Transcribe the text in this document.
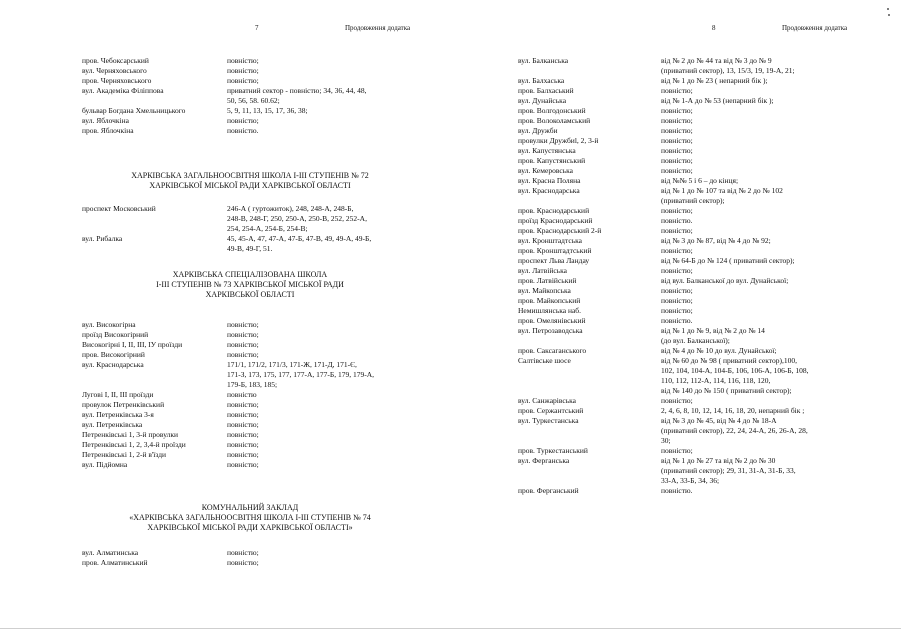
7	Продовження додатка
пров. Чебоксарський	повністю;
вул. Черняховського	повністю;
пров. Черняховського	повністю;
вул. Академіка Філіппова	приватний сектор - повністю; 34, 36, 44, 48,
50, 56, 58. 60.62;
бульвар Богдана Хмельницького	5, 9, 11, 13, 15, 17, 36, 38;
вул. Яблочкіна	повністю;
пров. Яблочкіна	повністю.
ХАРКІВСЬКА ЗАГАЛЬНООСВІТНЯ ШКОЛА І-ІІІ СТУПЕНІВ № 72
ХАРКІВСЬКОЇ МІСЬКОЇ РАДИ ХАРКІВСЬКОЇ ОБЛАСТІ
проспект Московський	246-А ( гуртожиток), 248, 248-А, 248-Б,
248-В, 248-Г, 250, 250-А, 250-В, 252, 252-А,
254, 254-А, 254-Б, 254-В;
вул. Рибалка	45, 45-А, 47, 47-А, 47-Б, 47-В, 49, 49-А, 49-Б,
49-В, 49-Г, 51.
ХАРКІВСЬКА СПЕЦІАЛІЗОВАНА ШКОЛА
І-ІІІ СТУПЕНІВ № 73 ХАРКІВСЬКОЇ МІСЬКОЇ РАДИ
ХАРКІВСЬКОЇ ОБЛАСТІ
вул. Високогірна	повністю;
проїзд Високогірний	повністю;
Високогірні І, ІІ, ІІІ, ІУ проїзди	повністю;
пров. Високогірний	повністю;
вул. Краснодарська	171/1, 171/2, 171/3, 171-Ж, 171-Д, 171-Є,
171-З, 173, 175, 177, 177-А, 177-Б, 179, 179-А,
179-Б, 183, 185;
Лугові І, ІІ, ІІІ проїзди	повністю
провулок Петренківський	повністю;
вул. Петренківська 3-я	повністю;
вул. Петренківська	повністю;
Петренківські 1, 3-й провулки	повністю;
Петренківські 1, 2, 3,4-й проїзди	повністю;
Петренківські 1, 2-й в'їзди	повністю;
вул. Підйомна	повністю;
КОМУНАЛЬНИЙ ЗАКЛАД
«ХАРКІВСЬКА ЗАГАЛЬНООСВІТНЯ ШКОЛА І-ІІІ СТУПЕНІВ № 74
ХАРКІВСЬКОЇ МІСЬКОЇ РАДИ ХАРКІВСЬКОЇ ОБЛАСТІ»
вул. Алматинська	повністю;
пров. Алматинський	повністю;
8	Продовження додатка
вул. Балканська	від № 2 до № 44 та від № 3 до № 9
(приватний сектор), 13, 15/3, 19, 19-А, 21;
вул. Балхаська	від № 1 до № 23 ( непарний бік );
пров. Балхаський	повністю;
вул. Дунайська	від № 1-А до № 53 (непарний бік );
пров. Волгодонський	повністю;
пров. Волоколамський	повністю;
вул. Дружби	повністю;
провулки Дружбиl, 2, 3-й	повністю;
вул. Капустянська	повністю;
пров. Капустянський	повністю;
вул. Кемеровська	повністю;
вул. Красна Поляна	від №№ 5 і 6 – до кінця;
вул. Краснодарська	від № 1 до № 107 та від № 2 до № 102
(приватний сектор);
пров. Краснодарський	повністю;
проїзд Краснодарський	повністю.
пров. Краснодарський 2-й	повністю;
вул. Кронштадтська	від № 3 до № 87, від № 4 до № 92;
пров. Кронштадтський	повністю;
проспект Льва Ландау	від № 64-Б до № 124 ( приватний сектор);
вул. Латвійська	повністю;
пров. Латвійський	від вул. Балканської до вул. Дунайської;
вул. Майкопська	повністю;
пров. Майкопський	повністю;
Немишлянська наб.	повністю;
пров. Омелянівський	повністю.
вул. Петрозаводська	від № 1 до № 9, від № 2 до № 14
(до вул. Балканської);
пров. Саксаганського	від № 4 до № 10 до вул. Дунайської;
Салтівське шосе	від № 60 до № 98 ( приватний сектор),100,
102, 104, 104-А, 104-Б, 106, 106-А, 106-Б, 108,
110, 112, 112-А, 114, 116, 118, 120,
від № 140 до № 150 ( приватний сектор);
вул. Санжарівська	повністю;
пров. Сержантський	2, 4, 6, 8, 10, 12, 14, 16, 18, 20, непарний бік ;
вул. Туркестанська	від № 3 до № 45, від № 4 до № 18-А
(приватний сектор), 22, 24, 24-А, 26, 26-А, 28,
30;
пров. Туркестанський	повністю;
вул. Ферганська	від № 1 до № 27 та від № 2 до № 30
(приватний сектор); 29, 31, 31-А, 31-Б, 33,
33-А, 33-Б, 34, 36;
пров. Ферганський	повністю.
